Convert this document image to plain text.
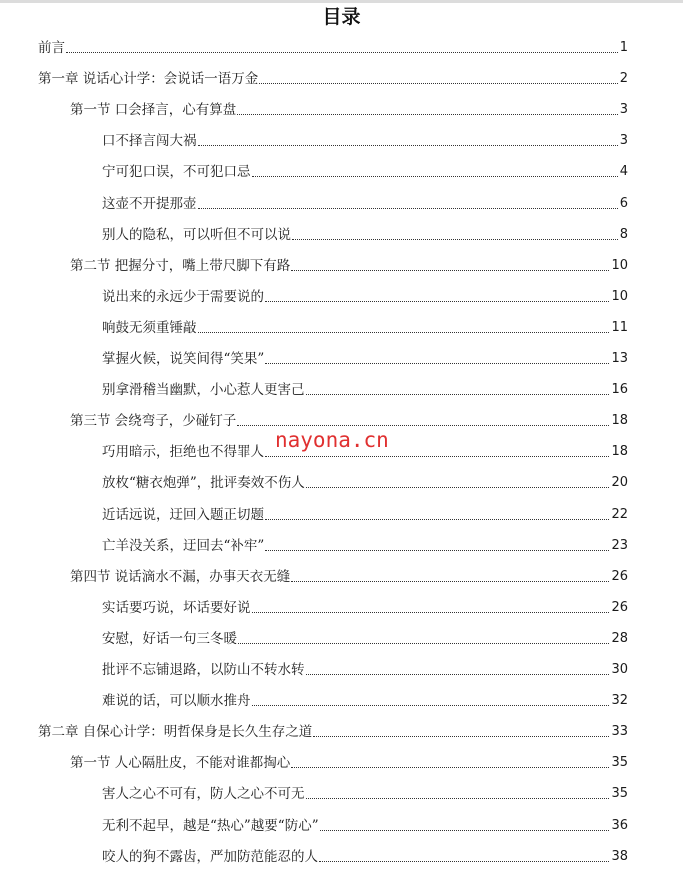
目录
前言	1
第一章 说话心计学：会说话一语万金	2
第一节 口会择言，心有算盘	3
口不择言闯大祸	3
宁可犯口误，不可犯口忌	4
这壶不开提那壶	6
别人的隐私，可以听但不可以说	8
第二节 把握分寸，嘴上带尺脚下有路	10
说出来的永远少于需要说的	10
响鼓无须重锤敲	11
掌握火候，说笑间得“笑果”	13
别拿滑稽当幽默，小心惹人更害己	16
第三节 会绕弯子，少碰钉子	18
巧用暗示，拒绝也不得罪人	18
放枚“糖衣炮弹”，批评奏效不伤人	20
近话远说，迂回入题正切题	22
亡羊没关系，迂回去“补牢”	23
第四节 说话滴水不漏，办事天衣无缝	26
实话要巧说，坏话要好说	26
安慰，好话一句三冬暖	28
批评不忘铺退路，以防山不转水转	30
难说的话，可以顺水推舟	32
第二章 自保心计学：明哲保身是长久生存之道	33
第一节 人心隔肚皮，不能对谁都掏心	35
害人之心不可有，防人之心不可无	35
无利不起早，越是“热心”越要“防心”	36
咬人的狗不露齿，严加防范能忍的人	38
nayona.cn
